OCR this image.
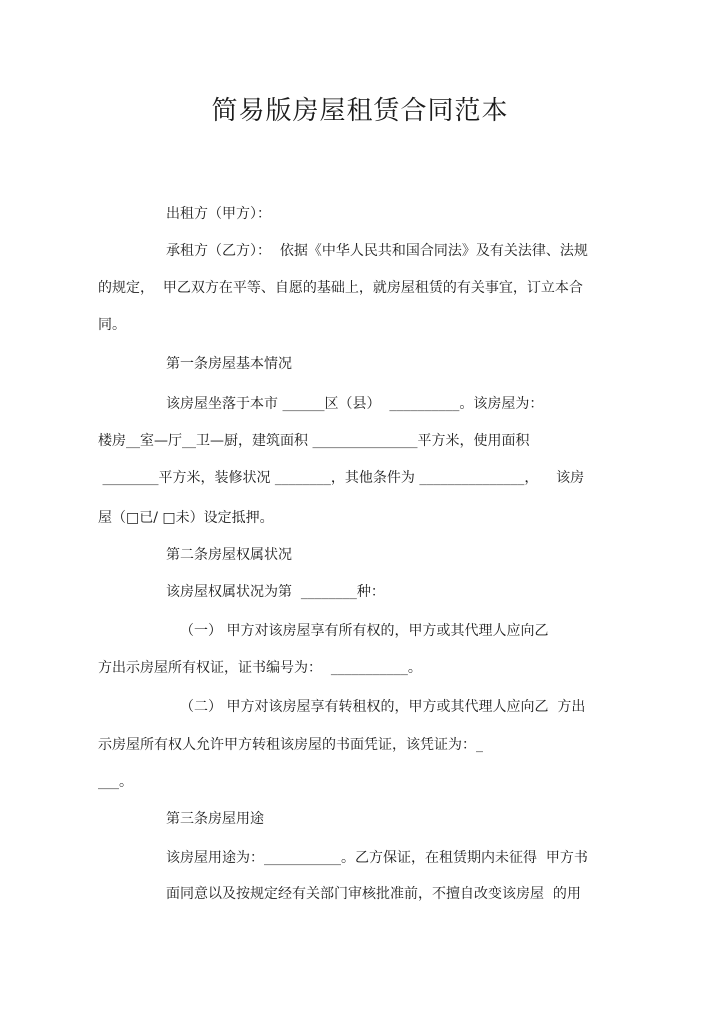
简易版房屋租赁合同范本
出租方（甲方）：
承租方（乙方）：  依据《中华人民共和国合同法》及有关法律、法规
的规定，  甲乙双方在平等、自愿的基础上，就房屋租赁的有关事宜，订立本合
同。
第一条房屋基本情况
该房屋坐落于本市 ______区（县）  __________。该房屋为：
楼房__室—厅__卫—厨，建筑面积 _______________平方米，使用面积
________平方米，装修状况 ________，其他条件为 _______________，    该房
屋（□已/ □未）设定抵押。
第二条房屋权属状况
该房屋权属状况为第  ________种：
（一） 甲方对该房屋享有所有权的，甲方或其代理人应向乙
方出示房屋所有权证，证书编号为：  ___________。
（二） 甲方对该房屋享有转租权的，甲方或其代理人应向乙  方出
示房屋所有权人允许甲方转租该房屋的书面凭证，该凭证为：_
___。
第三条房屋用途
该房屋用途为：___________。乙方保证，在租赁期内未征得  甲方书
面同意以及按规定经有关部门审核批准前，不擅自改变该房屋  的用
